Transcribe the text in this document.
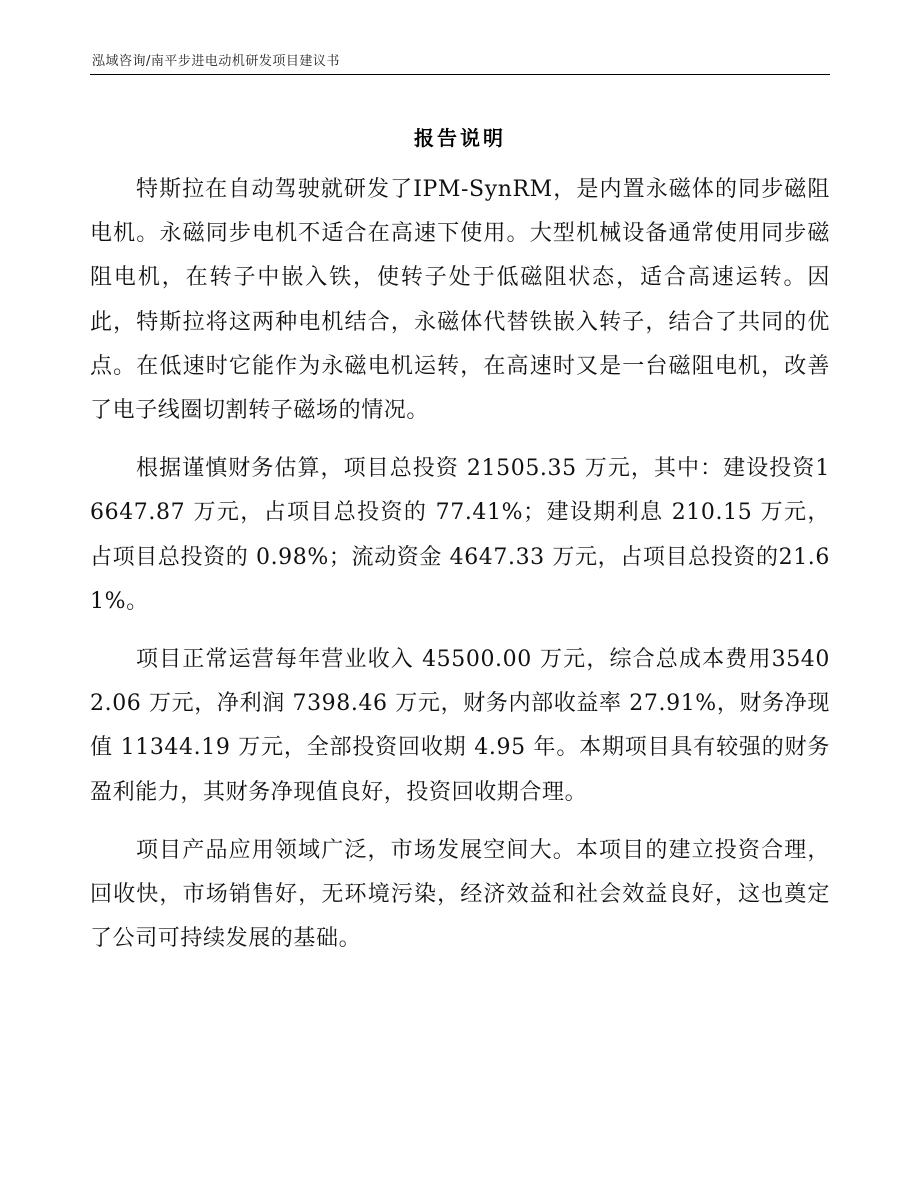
泓域咨询/南平步进电动机研发项目建议书
报告说明

特斯拉在自动驾驶就研发了IPM-SynRM，是内置永磁体的同步磁阻电机。永磁同步电机不适合在高速下使用。大型机械设备通常使用同步磁阻电机，在转子中嵌入铁，使转子处于低磁阻状态，适合高速运转。因此，特斯拉将这两种电机结合，永磁体代替铁嵌入转子，结合了共同的优点。在低速时它能作为永磁电机运转，在高速时又是一台磁阻电机，改善了电子线圈切割转子磁场的情况。

根据谨慎财务估算，项目总投资 21505.35 万元，其中：建设投资16647.87 万元，占项目总投资的 77.41%；建设期利息 210.15 万元，占项目总投资的 0.98%；流动资金 4647.33 万元，占项目总投资的21.61%。

项目正常运营每年营业收入 45500.00 万元，综合总成本费用35402.06 万元，净利润 7398.46 万元，财务内部收益率 27.91%，财务净现值 11344.19 万元，全部投资回收期 4.95 年。本期项目具有较强的财务盈利能力，其财务净现值良好，投资回收期合理。

项目产品应用领域广泛，市场发展空间大。本项目的建立投资合理，回收快，市场销售好，无环境污染，经济效益和社会效益良好，这也奠定了公司可持续发展的基础。
